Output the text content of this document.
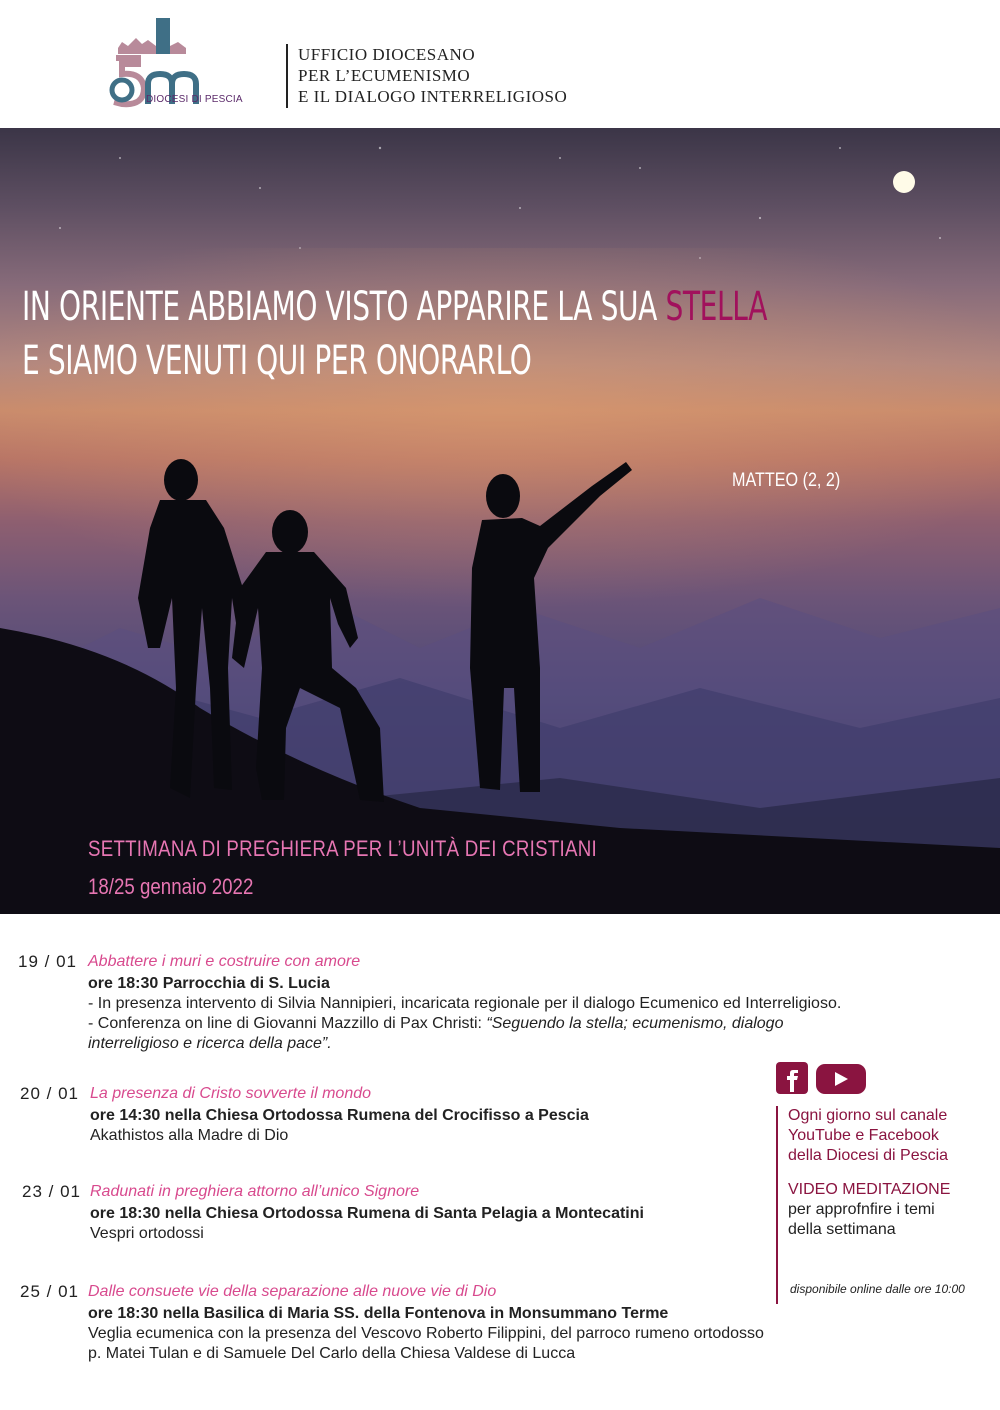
DIOCESI DI PESCIA
UFFICIO DIOCESANO
PER L’ECUMENISMO
E IL DIALOGO INTERRELIGIOSO
IN ORIENTE ABBIAMO VISTO APPARIRE LA SUA STELLA
E SIAMO VENUTI QUI PER ONORARLO
MATTEO (2, 2)
SETTIMANA DI PREGHIERA PER L’UNITÀ DEI CRISTIANI
18/25 gennaio 2022
19 / 01 Abbattere i muri e costruire con amore
ore 18:30 Parrocchia di S. Lucia
- In presenza intervento di Silvia Nannipieri, incaricata regionale per il dialogo Ecumenico ed Interreligioso.
- Conferenza on line di Giovanni Mazzillo di Pax Christi: “Seguendo la stella; ecumenismo, dialogo
interreligioso e ricerca della pace”.
20 / 01 La presenza di Cristo sovverte il mondo
ore 14:30 nella Chiesa Ortodossa Rumena del Crocifisso a Pescia
Akathistos alla Madre di Dio
23 / 01 Radunati in preghiera attorno all’unico Signore
ore 18:30 nella Chiesa Ortodossa Rumena di Santa Pelagia a Montecatini
Vespri ortodossi
25 / 01 Dalle consuete vie della separazione alle nuove vie di Dio
ore 18:30 nella Basilica di Maria SS. della Fontenova in Monsummano Terme
Veglia ecumenica con la presenza del Vescovo Roberto Filippini, del parroco rumeno ortodosso
p. Matei Tulan e di Samuele Del Carlo della Chiesa Valdese di Lucca
Ogni giorno sul canale
YouTube e Facebook
della Diocesi di Pescia
VIDEO MEDITAZIONE
per approfnfire i temi
della settimana
disponibile online dalle ore 10:00
